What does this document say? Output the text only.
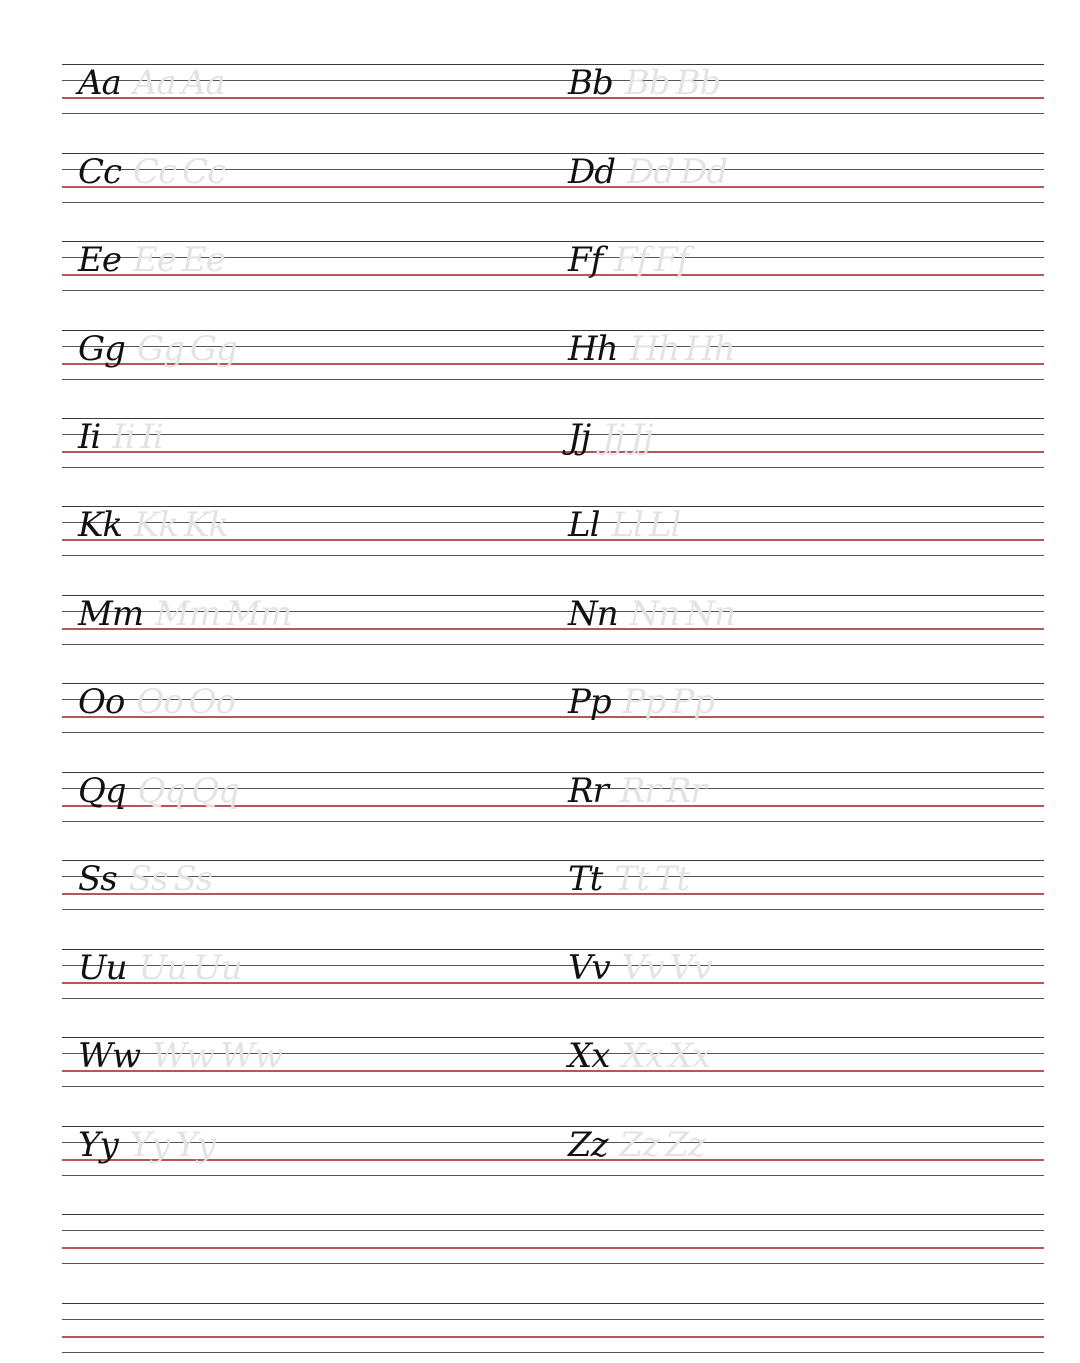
Aa Aa Aa	Bb Bb Bb
Cc Cc Cc	Dd Dd Dd
Ee Ee Ee	Ff Ff Ff
Gg Gg Gg	Hh Hh Hh
Ii Ii Ii	Jj Jj Jj
Kk Kk Kk	Ll Ll Ll
Mm Mm Mm	Nn Nn Nn
Oo Oo Oo	Pp Pp Pp
Qq Qq Qq	Rr Rr Rr
Ss Ss Ss	Tt Tt Tt
Uu Uu Uu	Vv Vv Vv
Ww Ww Ww	Xx Xx Xx
Yy Yy Yy	Zz Zz Zz
